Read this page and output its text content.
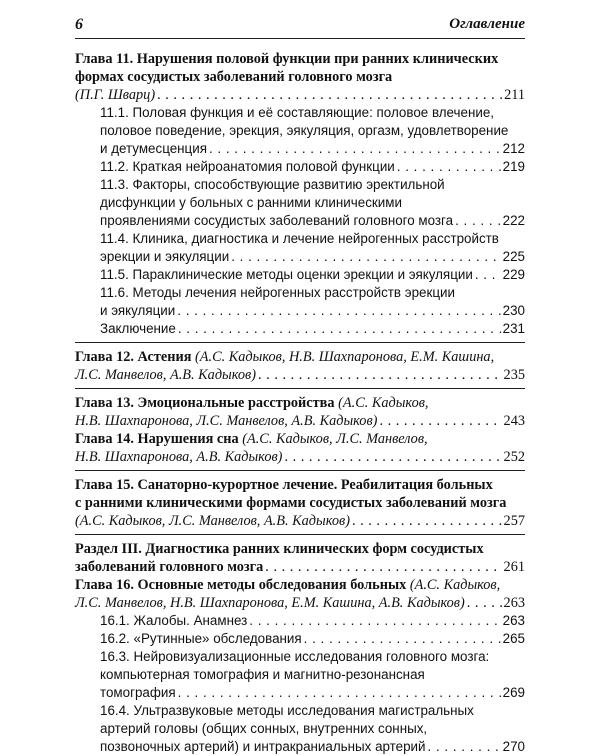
6	Оглавление
Глава 11. Нарушения половой функции при ранних клинических
формах сосудистых заболеваний головного мозга
(П.Г. Шварц) . . .	211
11.1. Половая функция и её составляющие: половое влечение,
половое поведение, эрекция, эякуляция, оргазм, удовлетворение
и детумесценция . . .	212
11.2. Краткая нейроанатомия половой функции . . .	219
11.3. Факторы, способствующие развитию эректильной
дисфункции у больных с ранними клиническими
проявлениями сосудистых заболеваний головного мозга . . .	222
11.4. Клиника, диагностика и лечение нейрогенных расстройств
эрекции и эякуляции . . .	225
11.5. Параклинические методы оценки эрекции и эякуляции . . . 229
11.6. Методы лечения нейрогенных расстройств эрекции
и эякуляции . . .	230
Заключение . . .	231
Глава 12. Астения (А.С. Кадыков, Н.В. Шахпаронова, Е.М. Кашина,
Л.С. Манвелов, А.В. Кадыков) . . .	235
Глава 13. Эмоциональные расстройства (А.С. Кадыков,
Н.В. Шахпаронова, Л.С. Манвелов, А.В. Кадыков) . . .	243
Глава 14. Нарушения сна (А.С. Кадыков, Л.С. Манвелов,
Н.В. Шахпаронова, А.В. Кадыков) . . .	252
Глава 15. Санаторно-курортное лечение. Реабилитация больных
с ранними клиническими формами сосудистых заболеваний мозга
(А.С. Кадыков, Л.С. Манвелов, А.В. Кадыков) . . .	257
Раздел III. Диагностика ранних клинических форм сосудистых
заболеваний головного мозга . . .	261
Глава 16. Основные методы обследования больных (А.С. Кадыков,
Л.С. Манвелов, Н.В. Шахпаронова, Е.М. Кашина, А.В. Кадыков) . . .	263
16.1. Жалобы. Анамнез . . .	263
16.2. «Рутинные» обследования . . .	265
16.3. Нейровизуализационные исследования головного мозга:
компьютерная томография и магнитно-резонансная
томография . . .	269
16.4. Ультразвуковые методы исследования магистральных
артерий головы (общих сонных, внутренних сонных,
позвоночных артерий) и интракраниальных артерий . . .	270
